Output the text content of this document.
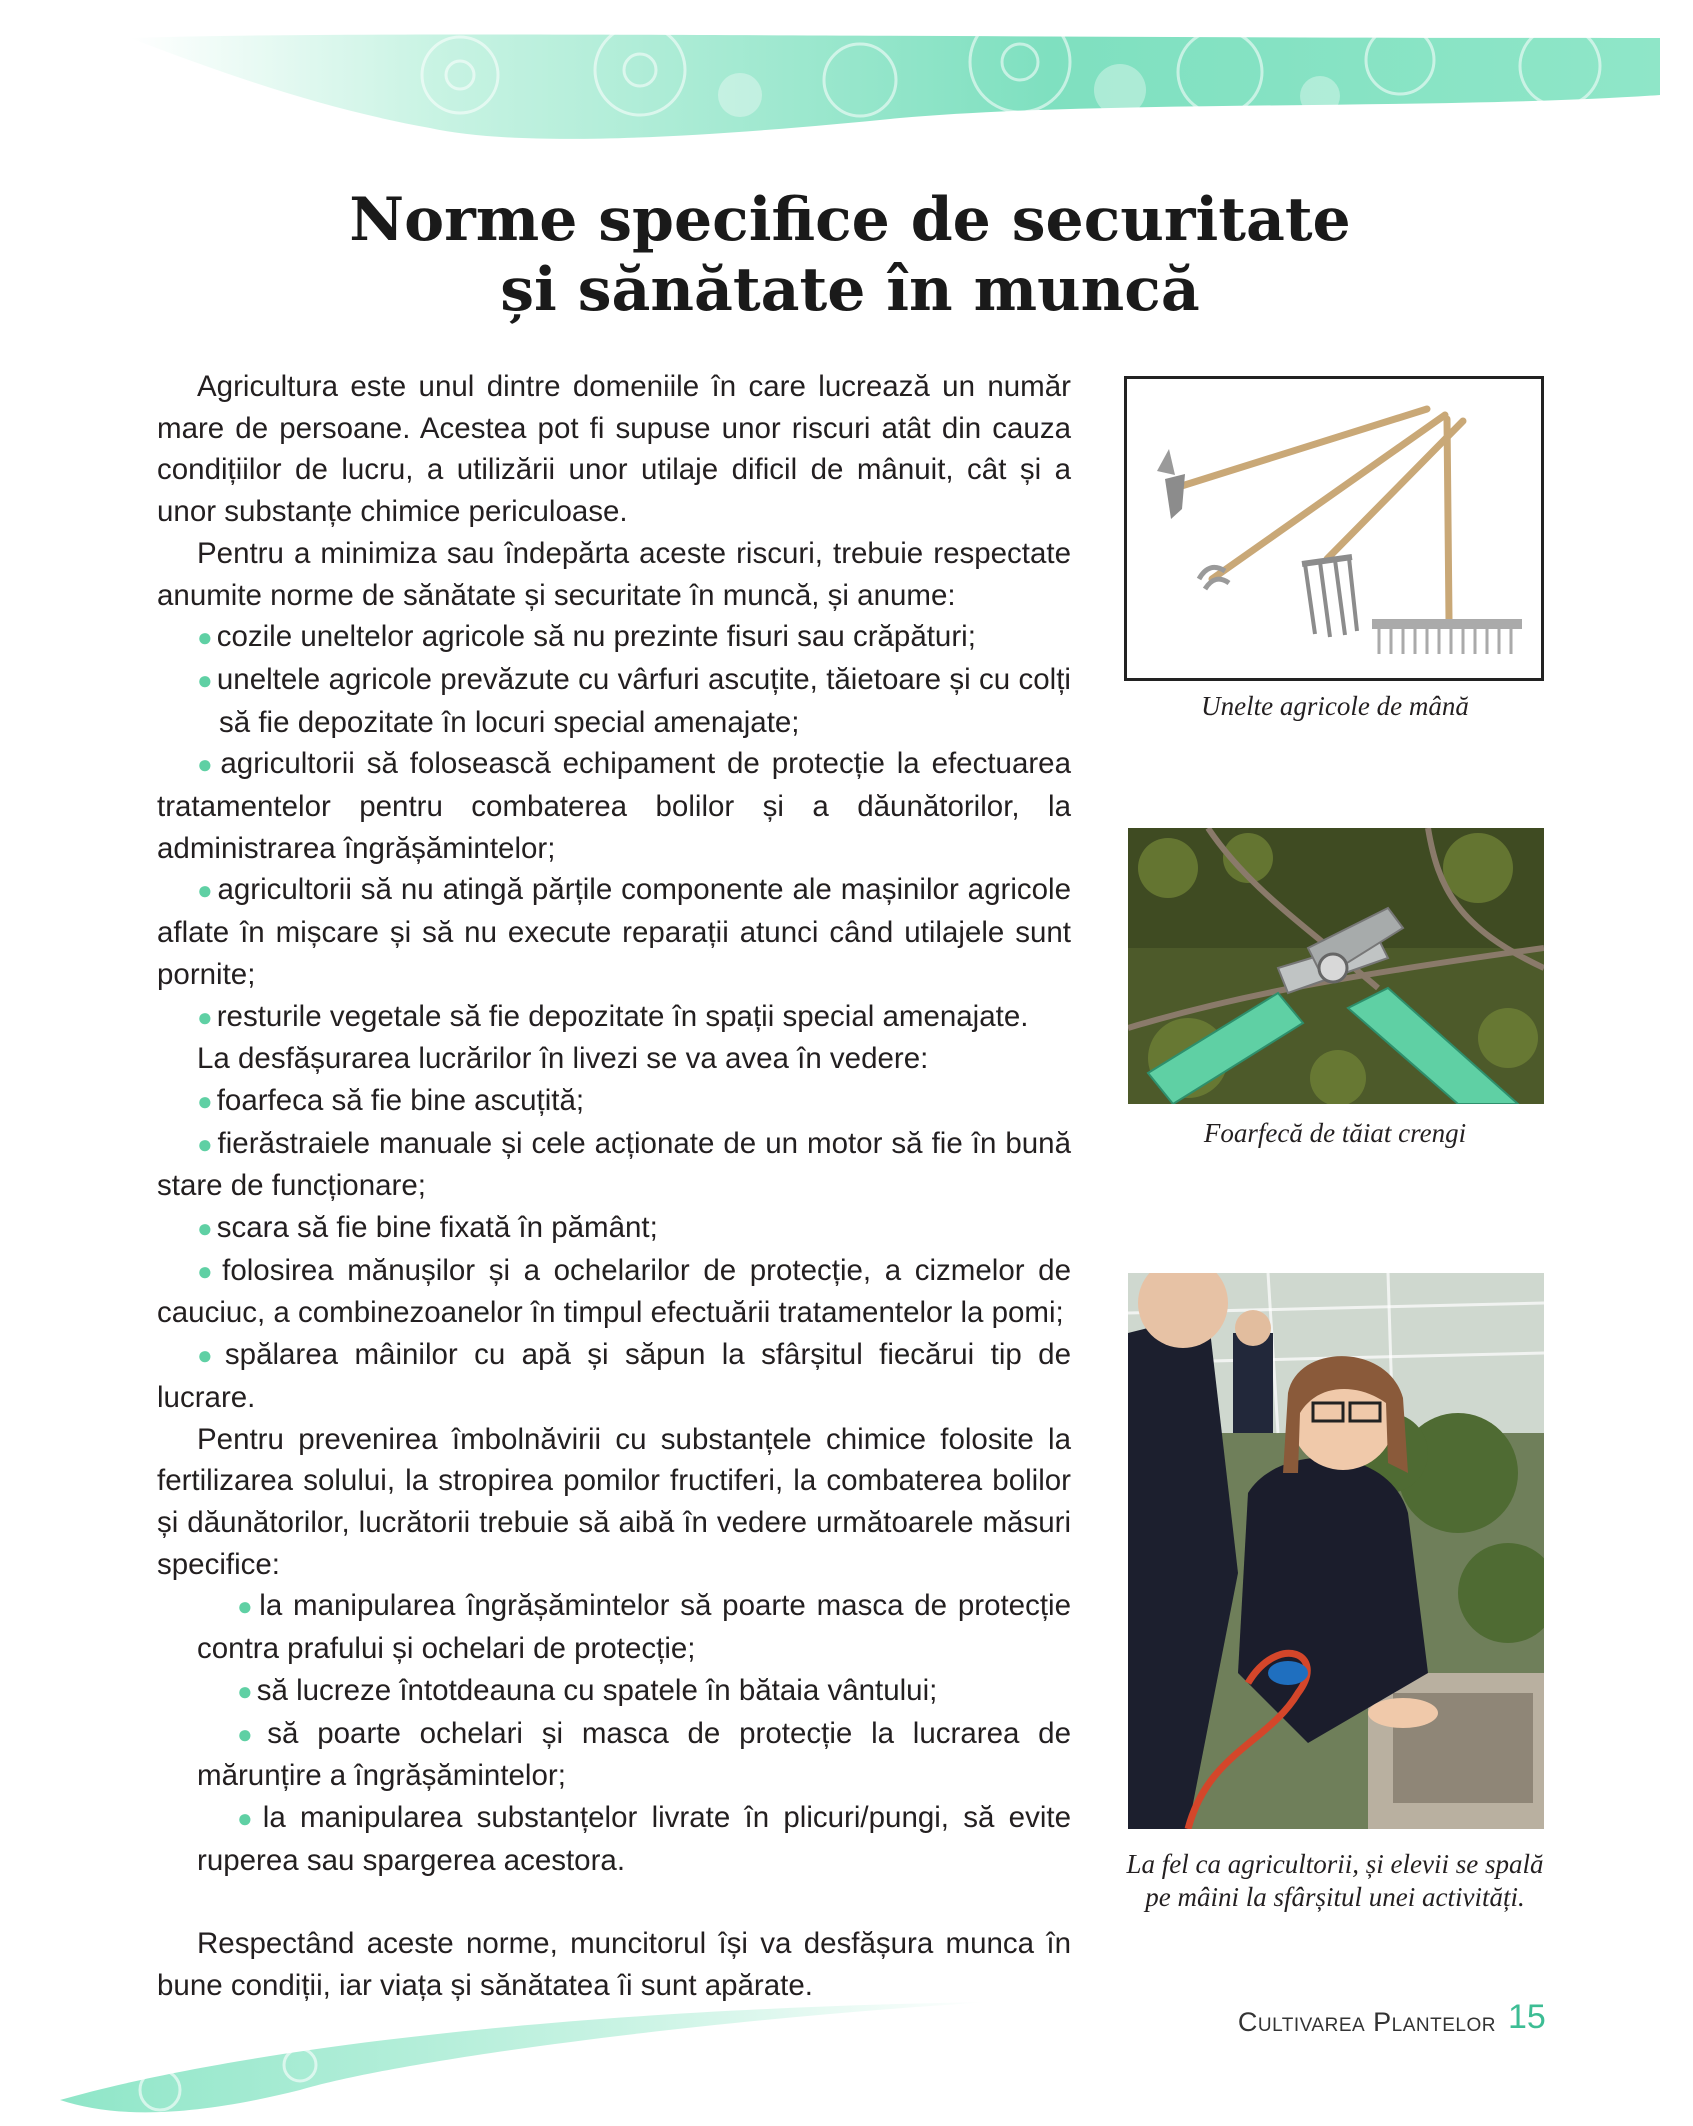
Norme specifice de securitate
și sănătate în muncă

Agricultura este unul dintre domeniile în care lucrează un număr mare de persoane. Acestea pot fi supuse unor riscuri atât din cauza condițiilor de lucru, a utilizării unor utilaje dificil de mânuit, cât și a unor substanțe chimice periculoase.

Pentru a minimiza sau îndepărta aceste riscuri, trebuie respectate anumite norme de sănătate și securitate în muncă, și anume:

● cozile uneltelor agricole să nu prezinte fisuri sau crăpături;

● uneltele agricole prevăzute cu vârfuri ascuțite, tăietoare și cu colți să fie depozitate în locuri special amenajate;

● agricultorii să folosească echipament de protecție la efectuarea tratamentelor pentru combaterea bolilor și a dăunătorilor, la administrarea îngrășămintelor;

● agricultorii să nu atingă părțile componente ale mașinilor agricole aflate în mișcare și să nu execute reparații atunci când utilajele sunt pornite;

● resturile vegetale să fie depozitate în spații special amenajate.

La desfășurarea lucrărilor în livezi se va avea în vedere:

● foarfeca să fie bine ascuțită;

● fierăstraiele manuale și cele acționate de un motor să fie în bună stare de funcționare;

● scara să fie bine fixată în pământ;

● folosirea mănușilor și a ochelarilor de protecție, a cizmelor de cauciuc, a combinezoanelor în timpul efectuării tratamentelor la pomi;

● spălarea mâinilor cu apă și săpun la sfârșitul fiecărui tip de lucrare.

Pentru prevenirea îmbolnăvirii cu substanțele chimice folosite la fertilizarea solului, la stropirea pomilor fructiferi, la combaterea bolilor și dăunătorilor, lucrătorii trebuie să aibă în vedere următoarele măsuri specifice:

● la manipularea îngrășămintelor să poarte masca de protecție contra prafului și ochelari de protecție;

● să lucreze întotdeauna cu spatele în bătaia vântului;

● să poarte ochelari și masca de protecție la lucrarea de mărunțire a îngrășămintelor;

● la manipularea substanțelor livrate în plicuri/pungi, să evite ruperea sau spargerea acestora.

Respectând aceste norme, muncitorul își va desfășura munca în bune condiții, iar viața și sănătatea îi sunt apărate.

Unelte agricole de mână
Foarfecă de tăiat crengi
La fel ca agricultorii, și elevii se spală pe mâini la sfârșitul unei activități.
Cultivarea Plantelor 15
